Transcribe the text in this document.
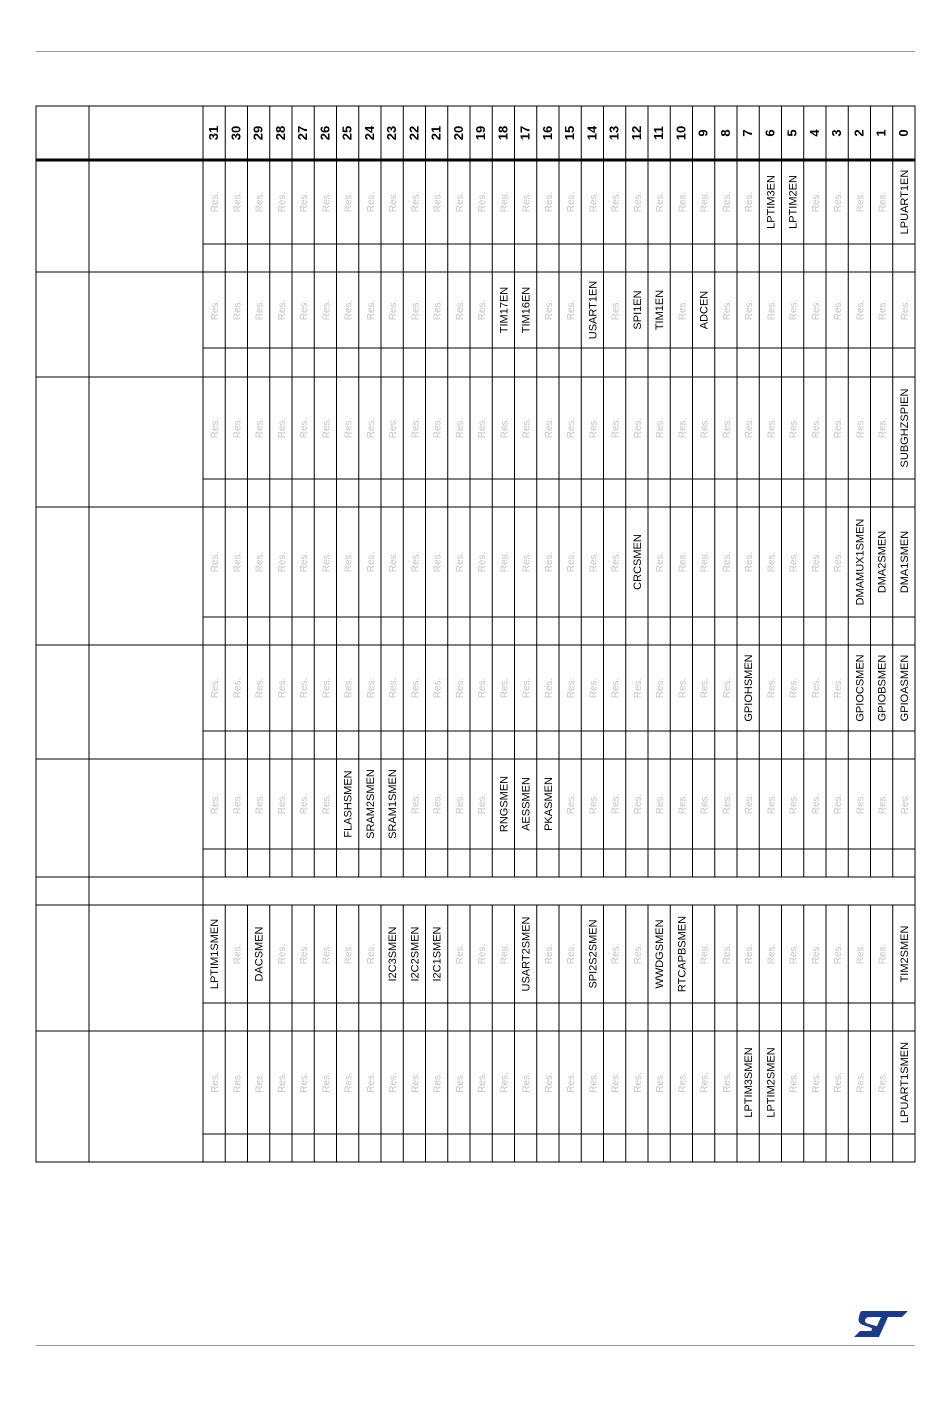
31 30 29 28 27 26 25 24 23 22 21 20 19 18 17 16 15 14 13 12 11 10 9 8 7 6 5 4 3 2 1 0
Res. Res. Res. Res. Res. Res. Res. Res. Res. Res. Res. Res. Res. Res. Res. Res. Res. Res. Res. Res. Res. Res. Res. Res. Res. LPTIM3EN LPTIM2EN Res. Res. Res. Res. LPUART1EN
Res. Res. Res. Res. Res. Res. Res. Res. Res. Res. Res. Res. Res. TIM17EN TIM16EN Res. Res. USART1EN Res. SPI1EN TIM1EN Res. ADCEN Res. Res. Res. Res. Res. Res. Res. Res. Res.
Res. Res. Res. Res. Res. Res. Res. Res. Res. Res. Res. Res. Res. Res. Res. Res. Res. Res. Res. Res. Res. Res. Res. Res. Res. Res. Res. Res. Res. Res. Res. SUBGHZSPIEN
Res. Res. Res. Res. Res. Res. Res. Res. Res. Res. Res. Res. Res. Res. Res. Res. Res. Res. Res. CRCSMEN Res. Res. Res. Res. Res. Res. Res. Res. Res. DMAMUX1SMEN DMA2SMEN DMA1SMEN
Res. Res. Res. Res. Res. Res. Res. Res. Res. Res. Res. Res. Res. Res. Res. Res. Res. Res. Res. Res. Res. Res. Res. Res. GPIOHSMEN Res. Res. Res. Res. GPIOCSMEN GPIOBSMEN GPIOASMEN
Res. Res. Res. Res. Res. Res. FLASHSMEN SRAM2SMEN SRAM1SMEN Res. Res. Res. Res. RNGSMEN AESSMEN PKASMEN Res. Res. Res. Res. Res. Res. Res. Res. Res. Res. Res. Res. Res. Res. Res. Res.
LPTIM1SMEN Res. DACSMEN Res. Res. Res. Res. Res. I2C3SMEN I2C2SMEN I2C1SMEN Res. Res. Res. USART2SMEN Res. Res. SPI2S2SMEN Res. Res. WWDGSMEN RTCAPBSMEN Res. Res. Res. Res. Res. Res. Res. Res. Res. TIM2SMEN
Res. Res. Res. Res. Res. Res. Res. Res. Res. Res. Res. Res. Res. Res. Res. Res. Res. Res. Res. Res. Res. Res. Res. Res. LPTIM3SMEN LPTIM2SMEN Res. Res. Res. Res. Res. LPUART1SMEN
